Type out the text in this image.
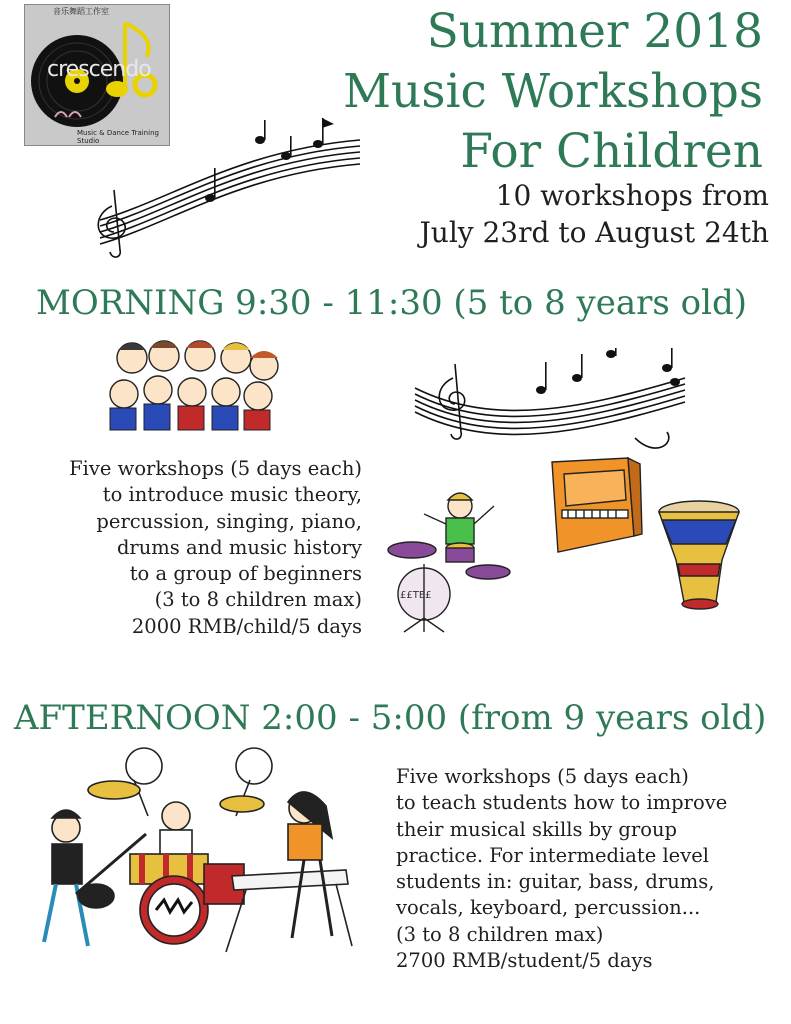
音乐舞蹈工作室
crescendo
Music & Dance Training Studio
Summer 2018
Music Workshops
For Children
10 workshops from
July 23rd to August 24th
MORNING 9:30 - 11:30 (5 to 8 years old)
Five workshops (5 days each)
to introduce music theory,
percussion, singing, piano,
drums and music history
to a group of beginners
(3 to 8 children max)
2000 RMB/child/5 days
££TE£
AFTERNOON 2:00 - 5:00 (from 9 years old)
Five workshops (5 days each)
to teach students how to improve
their musical skills by group
practice. For intermediate level
students in: guitar, bass, drums,
vocals, keyboard, percussion...
(3 to 8 children max)
2700 RMB/student/5 days
